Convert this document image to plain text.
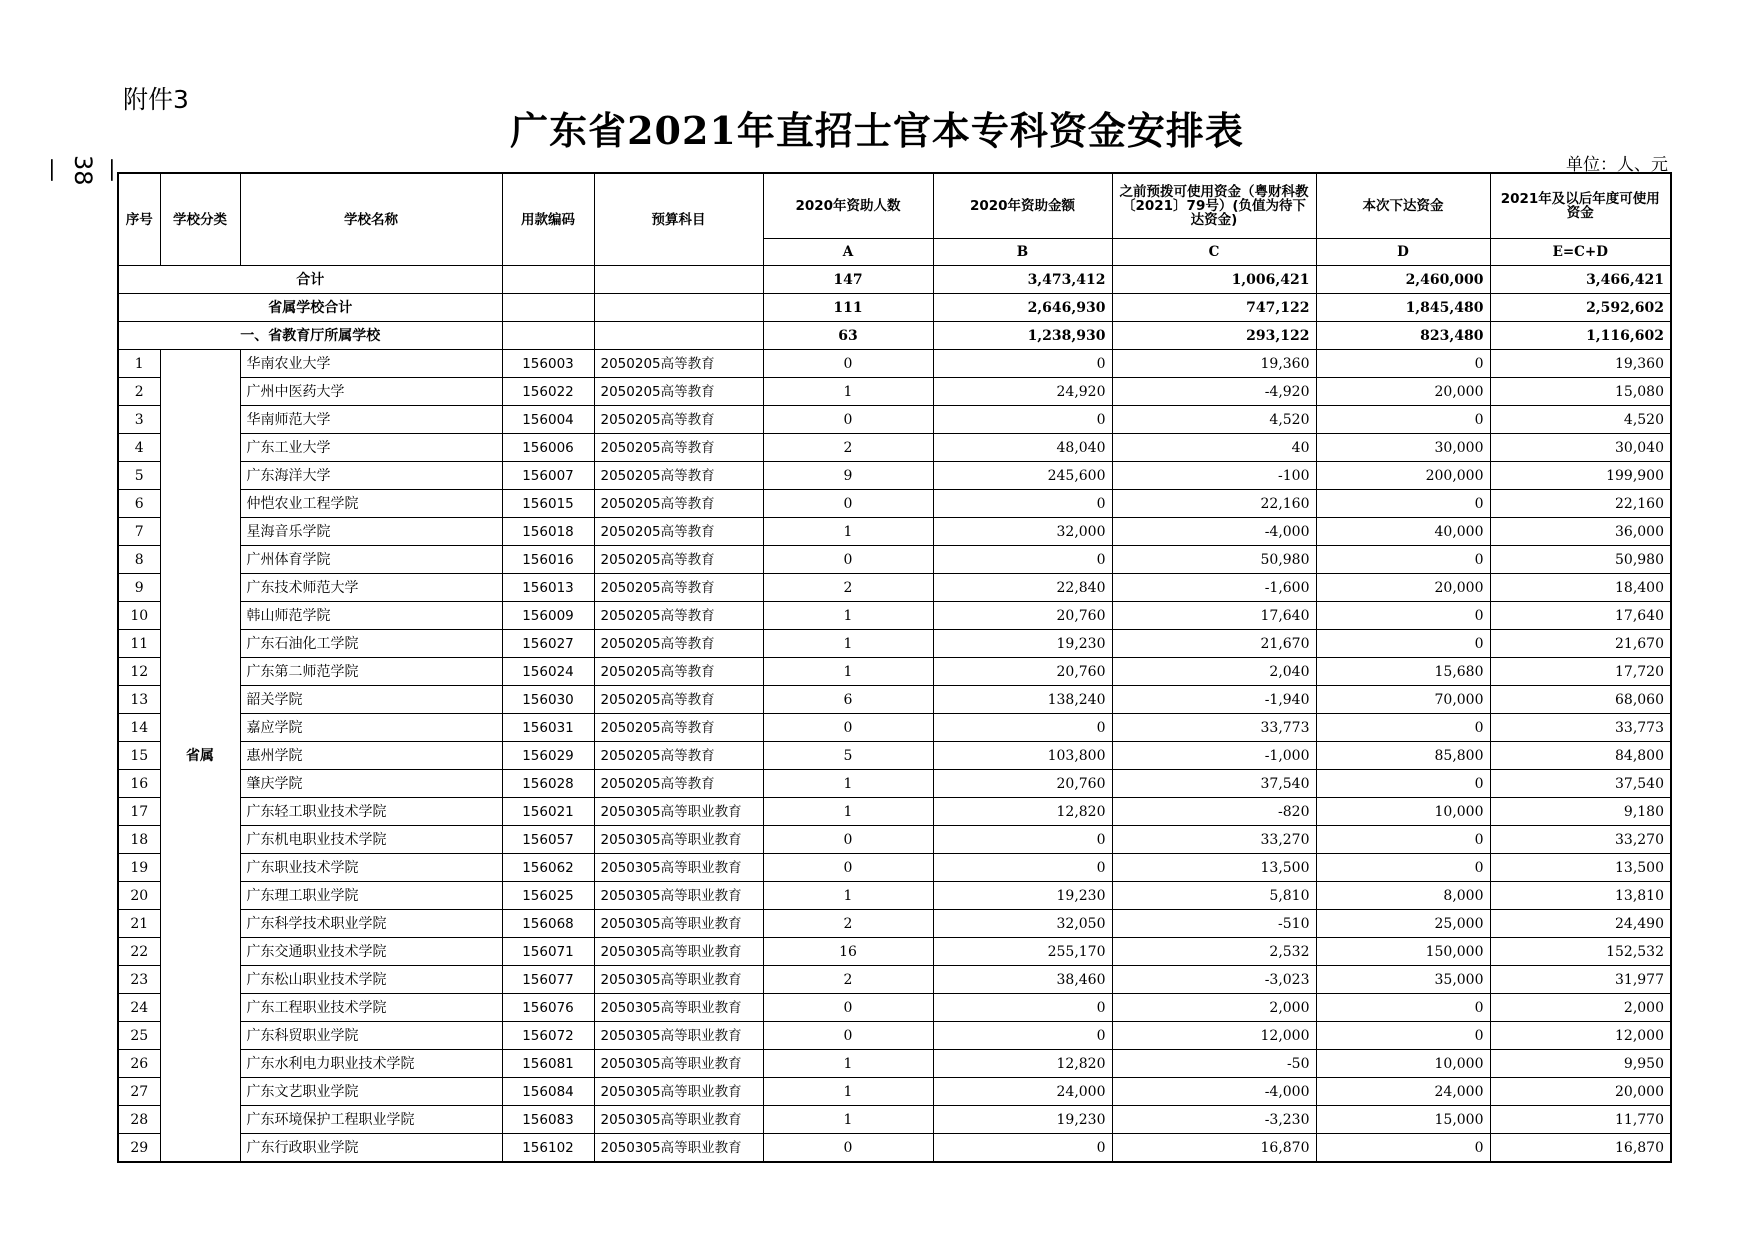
附件3
— 38 —
广东省2021年直招士官本专科资金安排表
单位：人、元
序号	学校分类	学校名称	用款编码	预算科目	2020年资助人数	2020年资助金额	之前预拨可使用资金（粤财科教〔2021〕79号）(负值为待下达资金)	本次下达资金	2021年及以后年度可使用资金
					A	B	C	D	E=C+D
合计					147	3,473,412	1,006,421	2,460,000	3,466,421
省属学校合计					111	2,646,930	747,122	1,845,480	2,592,602
一、省教育厅所属学校					63	1,238,930	293,122	823,480	1,116,602
1	省属	华南农业大学	156003	2050205高等教育	0	0	19,360	0	19,360
2		广州中医药大学	156022	2050205高等教育	1	24,920	-4,920	20,000	15,080
3		华南师范大学	156004	2050205高等教育	0	0	4,520	0	4,520
4		广东工业大学	156006	2050205高等教育	2	48,040	40	30,000	30,040
5		广东海洋大学	156007	2050205高等教育	9	245,600	-100	200,000	199,900
6		仲恺农业工程学院	156015	2050205高等教育	0	0	22,160	0	22,160
7		星海音乐学院	156018	2050205高等教育	1	32,000	-4,000	40,000	36,000
8		广州体育学院	156016	2050205高等教育	0	0	50,980	0	50,980
9		广东技术师范大学	156013	2050205高等教育	2	22,840	-1,600	20,000	18,400
10		韩山师范学院	156009	2050205高等教育	1	20,760	17,640	0	17,640
11		广东石油化工学院	156027	2050205高等教育	1	19,230	21,670	0	21,670
12		广东第二师范学院	156024	2050205高等教育	1	20,760	2,040	15,680	17,720
13		韶关学院	156030	2050205高等教育	6	138,240	-1,940	70,000	68,060
14		嘉应学院	156031	2050205高等教育	0	0	33,773	0	33,773
15		惠州学院	156029	2050205高等教育	5	103,800	-1,000	85,800	84,800
16		肇庆学院	156028	2050205高等教育	1	20,760	37,540	0	37,540
17		广东轻工职业技术学院	156021	2050305高等职业教育	1	12,820	-820	10,000	9,180
18		广东机电职业技术学院	156057	2050305高等职业教育	0	0	33,270	0	33,270
19		广东职业技术学院	156062	2050305高等职业教育	0	0	13,500	0	13,500
20		广东理工职业学院	156025	2050305高等职业教育	1	19,230	5,810	8,000	13,810
21		广东科学技术职业学院	156068	2050305高等职业教育	2	32,050	-510	25,000	24,490
22		广东交通职业技术学院	156071	2050305高等职业教育	16	255,170	2,532	150,000	152,532
23		广东松山职业技术学院	156077	2050305高等职业教育	2	38,460	-3,023	35,000	31,977
24		广东工程职业技术学院	156076	2050305高等职业教育	0	0	2,000	0	2,000
25		广东科贸职业学院	156072	2050305高等职业教育	0	0	12,000	0	12,000
26		广东水利电力职业技术学院	156081	2050305高等职业教育	1	12,820	-50	10,000	9,950
27		广东文艺职业学院	156084	2050305高等职业教育	1	24,000	-4,000	24,000	20,000
28		广东环境保护工程职业学院	156083	2050305高等职业教育	1	19,230	-3,230	15,000	11,770
29		广东行政职业学院	156102	2050305高等职业教育	0	0	16,870	0	16,870
